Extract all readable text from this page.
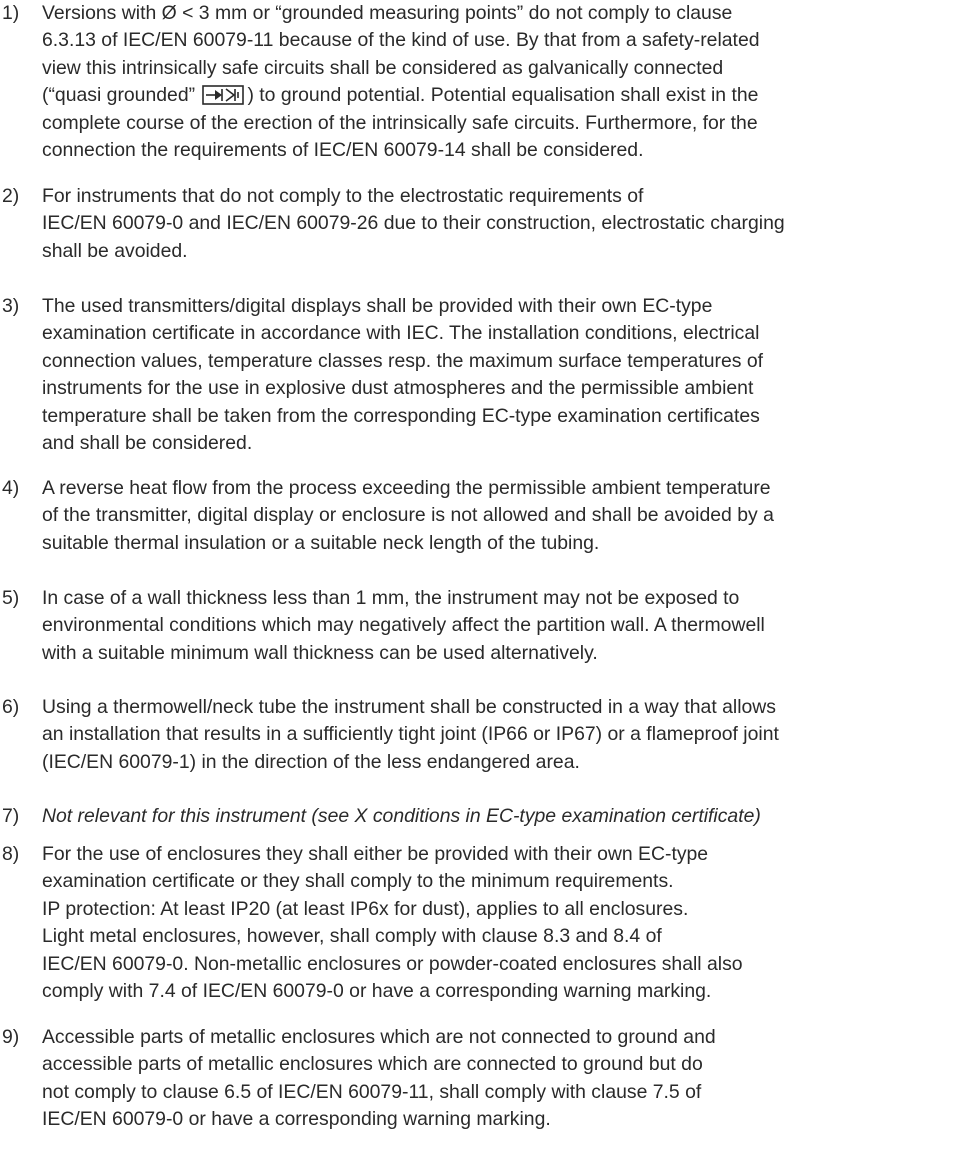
1) Versions with Ø < 3 mm or “grounded measuring points” do not comply to clause
6.3.13 of IEC/EN 60079-11 because of the kind of use. By that from a safety-related
view this intrinsically safe circuits shall be considered as galvanically connected
(“quasi grounded”
) to ground potential. Potential equalisation shall exist in the
complete course of the erection of the intrinsically safe circuits. Furthermore, for the
connection the requirements of IEC/EN 60079-14 shall be considered.
2) For instruments that do not comply to the electrostatic requirements of
IEC/EN 60079-0 and IEC/EN 60079-26 due to their construction, electrostatic charging
shall be avoided.
3) The used transmitters/digital displays shall be provided with their own EC-type
examination certificate in accordance with IEC. The installation conditions, electrical
connection values, temperature classes resp. the maximum surface temperatures of
instruments for the use in explosive dust atmospheres and the permissible ambient
temperature shall be taken from the corresponding EC-type examination certificates
and shall be considered.
4) A reverse heat flow from the process exceeding the permissible ambient temperature
of the transmitter, digital display or enclosure is not allowed and shall be avoided by a
suitable thermal insulation or a suitable neck length of the tubing.
5) In case of a wall thickness less than 1 mm, the instrument may not be exposed to
environmental conditions which may negatively affect the partition wall. A thermowell
with a suitable minimum wall thickness can be used alternatively.
6) Using a thermowell/neck tube the instrument shall be constructed in a way that allows
an installation that results in a sufficiently tight joint (IP66 or IP67) or a flameproof joint
(IEC/EN 60079-1) in the direction of the less endangered area.
7) Not relevant for this instrument (see X conditions in EC-type examination certificate)
8) For the use of enclosures they shall either be provided with their own EC-type
examination certificate or they shall comply to the minimum requirements.
IP protection: At least IP20 (at least IP6x for dust), applies to all enclosures.
Light metal enclosures, however, shall comply with clause 8.3 and 8.4 of
IEC/EN 60079-0. Non-metallic enclosures or powder-coated enclosures shall also
comply with 7.4 of IEC/EN 60079-0 or have a corresponding warning marking.
9) Accessible parts of metallic enclosures which are not connected to ground and
accessible parts of metallic enclosures which are connected to ground but do
not comply to clause 6.5 of IEC/EN 60079-11, shall comply with clause 7.5 of
IEC/EN 60079-0 or have a corresponding warning marking.
